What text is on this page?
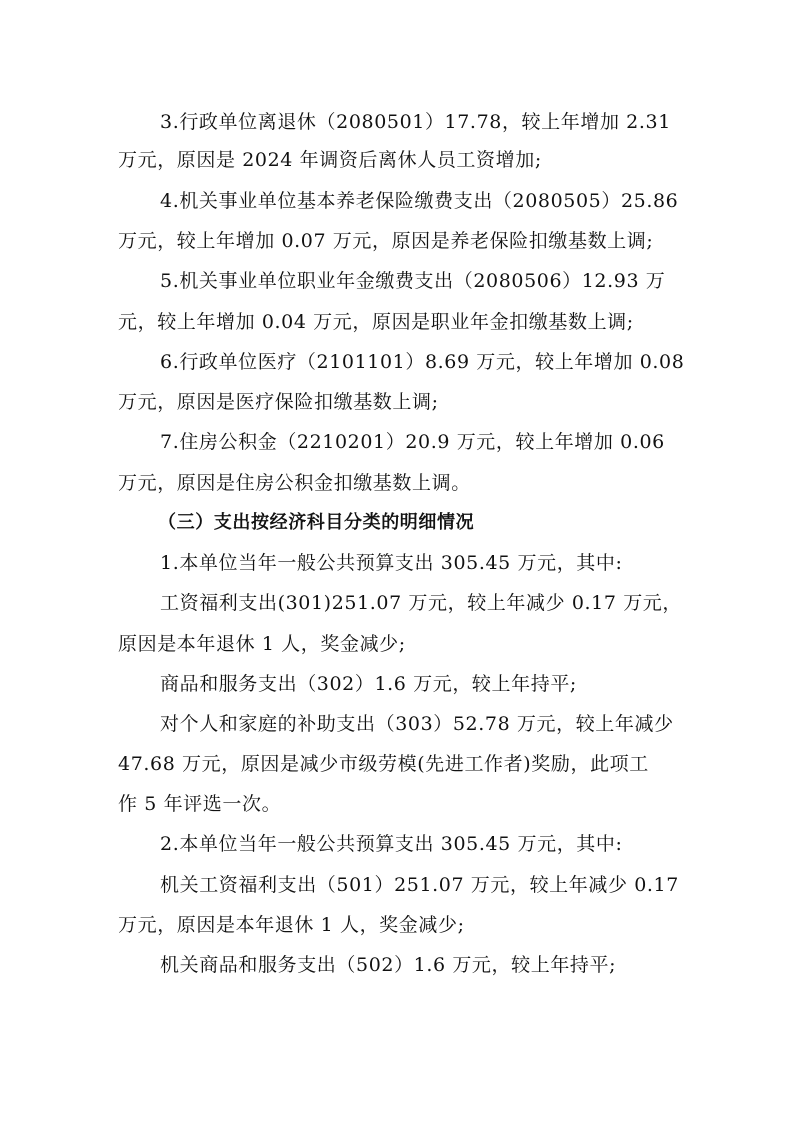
3.行政单位离退休（2080501）17.78，较上年增加 2.31
万元，原因是 2024 年调资后离休人员工资增加;
4.机关事业单位基本养老保险缴费支出（2080505）25.86
万元，较上年增加 0.07 万元，原因是养老保险扣缴基数上调;
5.机关事业单位职业年金缴费支出（2080506）12.93 万
元，较上年增加 0.04 万元，原因是职业年金扣缴基数上调;
6.行政单位医疗（2101101）8.69 万元，较上年增加 0.08
万元，原因是医疗保险扣缴基数上调;
7.住房公积金（2210201）20.9 万元，较上年增加 0.06
万元，原因是住房公积金扣缴基数上调。
（三）支出按经济科目分类的明细情况
1.本单位当年一般公共预算支出 305.45 万元，其中:
工资福利支出(301)251.07 万元，较上年减少 0.17 万元，
原因是本年退休 1 人，奖金减少;
商品和服务支出（302）1.6 万元，较上年持平;
对个人和家庭的补助支出（303）52.78 万元，较上年减少
47.68 万元，原因是减少市级劳模(先进工作者)奖励，此项工
作 5 年评选一次。
2.本单位当年一般公共预算支出 305.45 万元，其中:
机关工资福利支出（501）251.07 万元，较上年减少 0.17
万元，原因是本年退休 1 人，奖金减少;
机关商品和服务支出（502）1.6 万元，较上年持平;
